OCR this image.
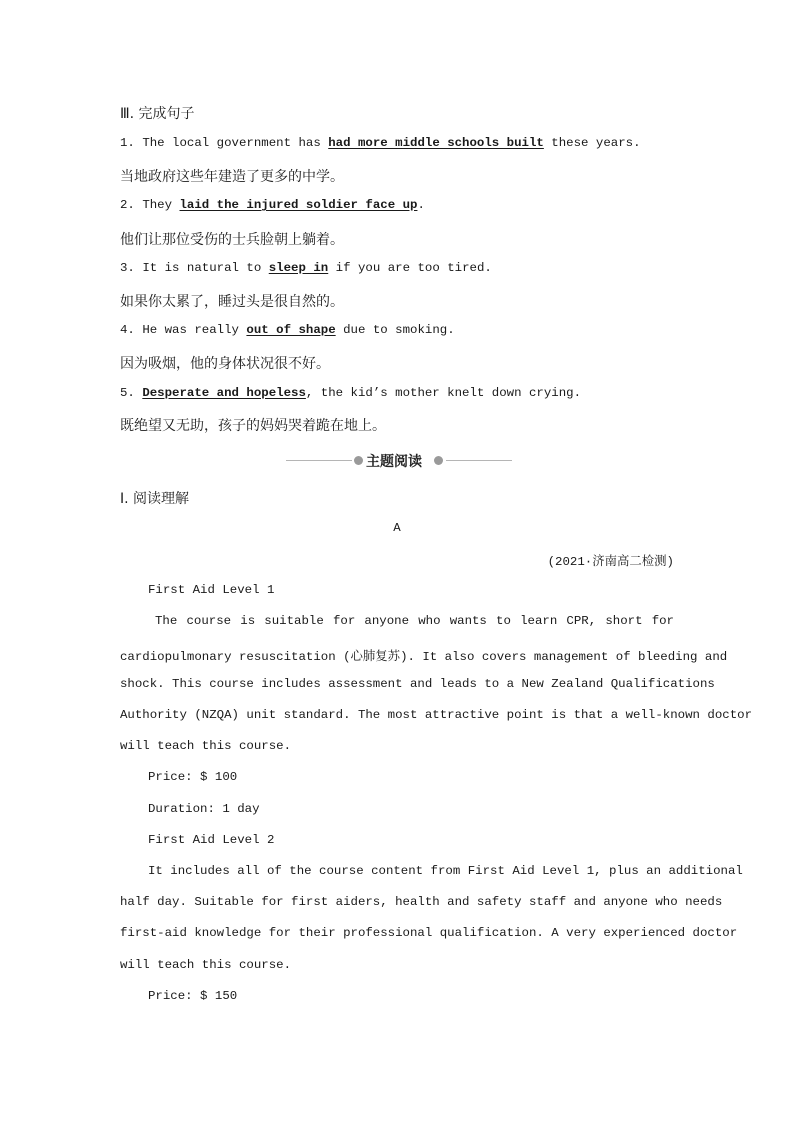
Ⅲ. 完成句子
1. The local government has had more middle schools built these years.
当地政府这些年建造了更多的中学。
2. They laid the injured soldier face up.
他们让那位受伤的士兵脸朝上躺着。
3. It is natural to sleep in if you are too tired.
如果你太累了，睡过头是很自然的。
4. He was really out of shape due to smoking.
因为吸烟，他的身体状况很不好。
5. Desperate and hopeless, the kid’s mother knelt down crying.
既绝望又无助，孩子的妈妈哭着跪在地上。
主题阅读
Ⅰ. 阅读理解
A
(2021·济南高二检测)
First Aid Level 1
The course is suitable for anyone who wants to learn CPR, short for
cardiopulmonary resuscitation (心肺复苏). It also covers management of bleeding and
shock. This course includes assessment and leads to a New Zealand Qualifications
Authority (NZQA) unit standard. The most attractive point is that a well-known doctor
will teach this course.
Price: $ 100
Duration: 1 day
First Aid Level 2
It includes all of the course content from First Aid Level 1, plus an additional
half day. Suitable for first aiders, health and safety staff and anyone who needs
first-aid knowledge for their professional qualification. A very experienced doctor
will teach this course.
Price: $ 150
